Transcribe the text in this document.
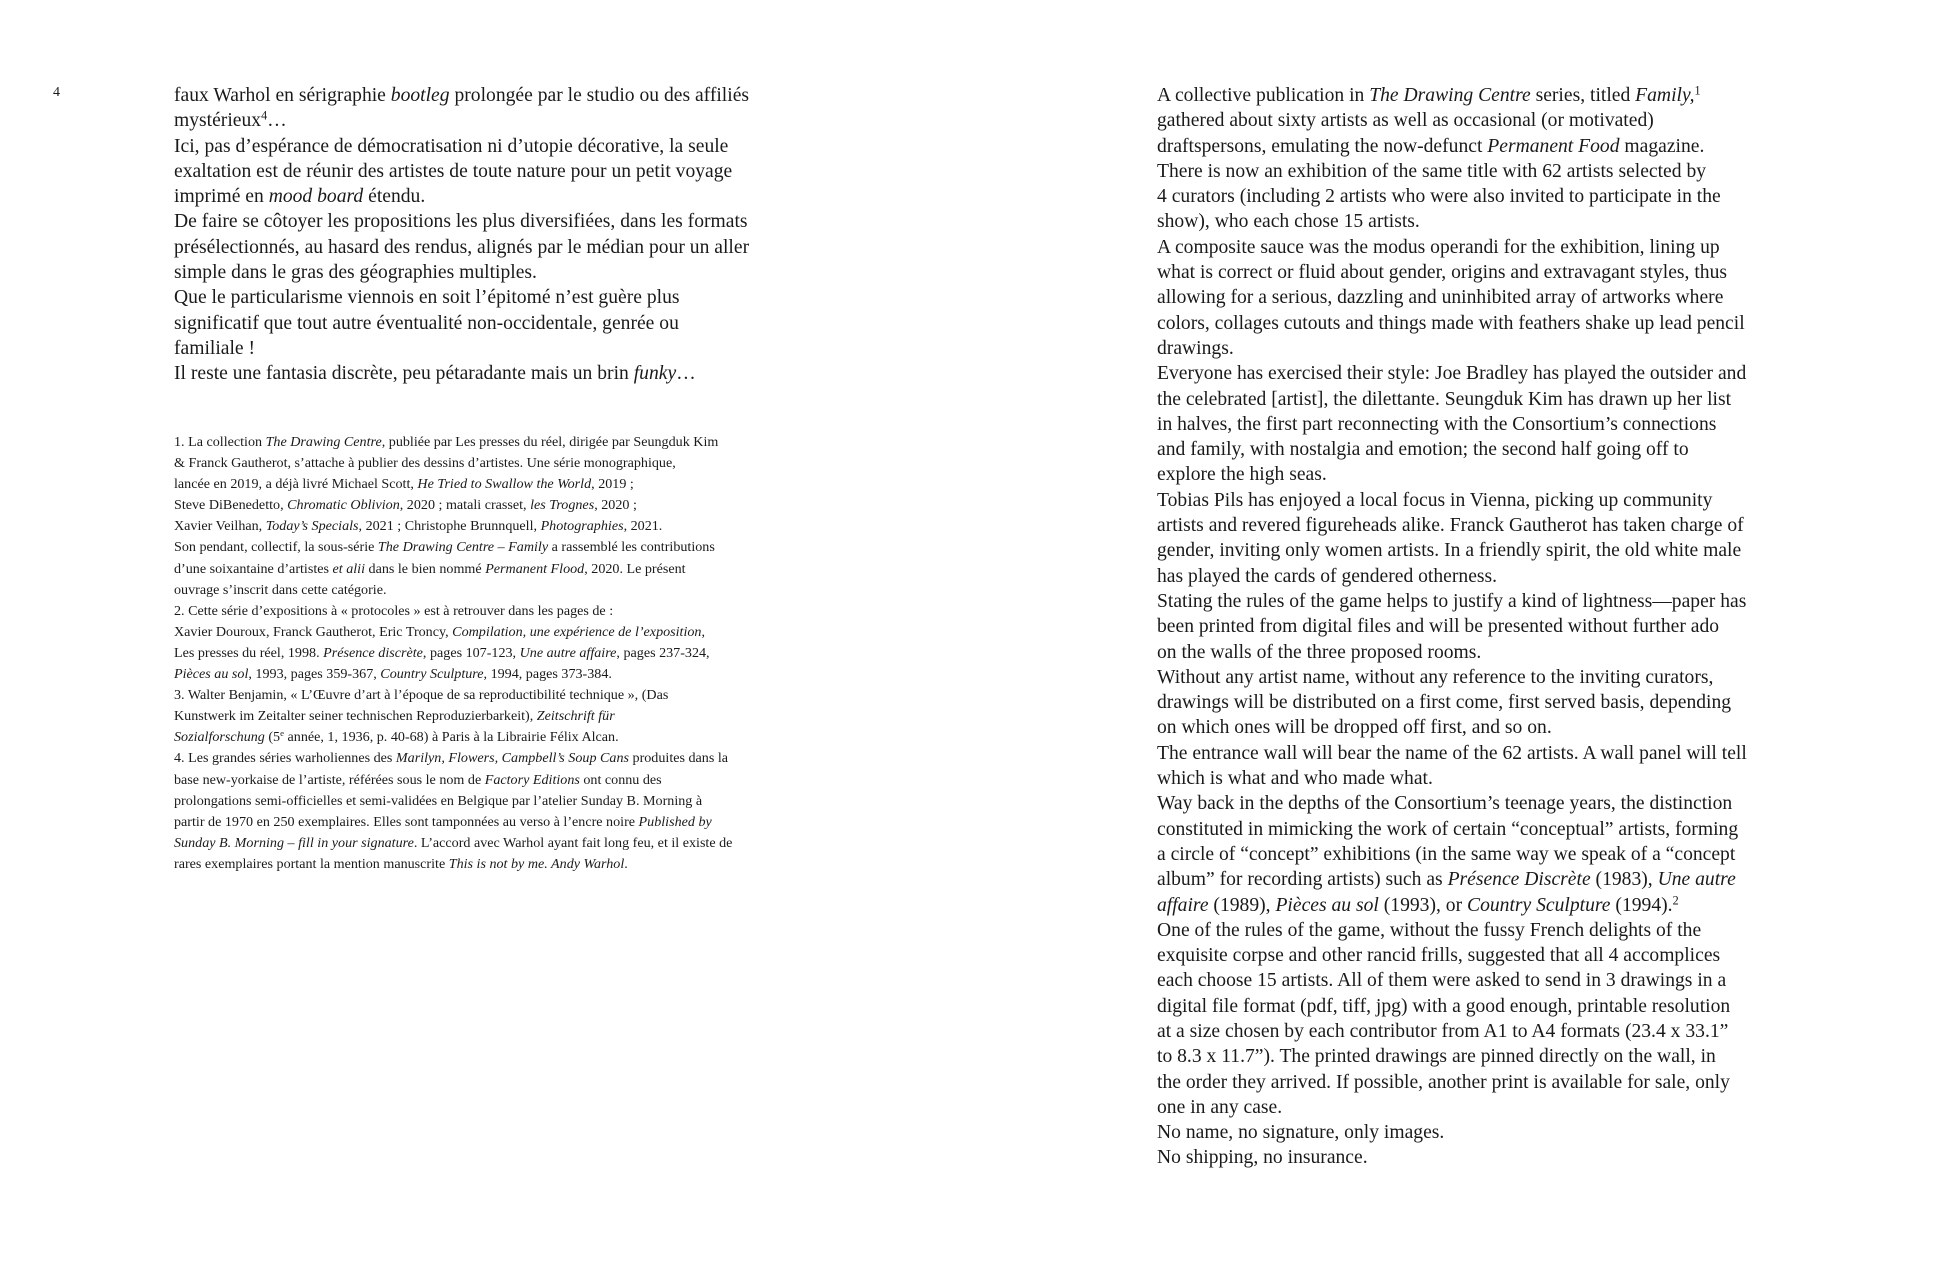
4	faux Warhol en sérigraphie bootleg prolongée par le studio ou des affiliés
mystérieux$^4$…

Ici, pas d’espérance de démocratisation ni d’utopie décorative, la seule
exaltation est de réunir des artistes de toute nature pour un petit voyage
imprimé en mood board étendu.

De faire se côtoyer les propositions les plus diversifiées, dans les formats
présélectionnés, au hasard des rendus, alignés par le médian pour un aller
simple dans le gras des géographies multiples.

Que le particularisme viennois en soit l’épitomé n’est guère plus
significatif que tout autre éventualité non-occidentale, genrée ou
familiale !

Il reste une fantasia discrète, peu pétaradante mais un brin funky…

1. La collection The Drawing Centre, publiée par Les presses du réel, dirigée par Seungduk Kim
& Franck Gautherot, s’attache à publier des dessins d’artistes. Une série monographique,
lancée en 2019, a déjà livré Michael Scott, He Tried to Swallow the World, 2019 ;
Steve DiBenedetto, Chromatic Oblivion, 2020 ; matali crasset, les Trognes, 2020 ;
Xavier Veilhan, Today’s Specials, 2021 ; Christophe Brunnquell, Photographies, 2021.
Son pendant, collectif, la sous-série The Drawing Centre – Family a rassemblé les contributions
d’une soixantaine d’artistes et alii dans le bien nommé Permanent Flood, 2020. Le présent
ouvrage s’inscrit dans cette catégorie.

2. Cette série d’expositions à « protocoles » est à retrouver dans les pages de :
Xavier Douroux, Franck Gautherot, Eric Troncy, Compilation, une expérience de l’exposition,
Les presses du réel, 1998. Présence discrète, pages 107-123, Une autre affaire, pages 237-324,
Pièces au sol, 1993, pages 359-367, Country Sculpture, 1994, pages 373-384.

3. Walter Benjamin, « L’Œuvre d’art à l’époque de sa reproductibilité technique », (Das
Kunstwerk im Zeitalter seiner technischen Reproduzierbarkeit), Zeitschrift für
Sozialforschung (5e année, 1, 1936, p. 40-68) à Paris à la Librairie Félix Alcan.

4. Les grandes séries warholiennes des Marilyn, Flowers, Campbell’s Soup Cans produites dans la
base new-yorkaise de l’artiste, référées sous le nom de Factory Editions ont connu des
prolongations semi-officielles et semi-validées en Belgique par l’atelier Sunday B. Morning à
partir de 1970 en 250 exemplaires. Elles sont tamponnées au verso à l’encre noire Published by
Sunday B. Morning – fill in your signature. L’accord avec Warhol ayant fait long feu, et il existe de
rares exemplaires portant la mention manuscrite This is not by me. Andy Warhol.

A collective publication in The Drawing Centre series, titled Family,$^1$
gathered about sixty artists as well as occasional (or motivated)
draftspersons, emulating the now-defunct Permanent Food magazine.

There is now an exhibition of the same title with 62 artists selected by
4 curators (including 2 artists who were also invited to participate in the
show), who each chose 15 artists.

A composite sauce was the modus operandi for the exhibition, lining up
what is correct or fluid about gender, origins and extravagant styles, thus
allowing for a serious, dazzling and uninhibited array of artworks where
colors, collages cutouts and things made with feathers shake up lead pencil
drawings.

Everyone has exercised their style: Joe Bradley has played the outsider and
the celebrated [artist], the dilettante. Seungduk Kim has drawn up her list
in halves, the first part reconnecting with the Consortium’s connections
and family, with nostalgia and emotion; the second half going off to
explore the high seas.

Tobias Pils has enjoyed a local focus in Vienna, picking up community
artists and revered figureheads alike. Franck Gautherot has taken charge of
gender, inviting only women artists. In a friendly spirit, the old white male
has played the cards of gendered otherness.

Stating the rules of the game helps to justify a kind of lightness—paper has
been printed from digital files and will be presented without further ado
on the walls of the three proposed rooms.

Without any artist name, without any reference to the inviting curators,
drawings will be distributed on a first come, first served basis, depending
on which ones will be dropped off first, and so on.

The entrance wall will bear the name of the 62 artists. A wall panel will tell
which is what and who made what.

Way back in the depths of the Consortium’s teenage years, the distinction
constituted in mimicking the work of certain “conceptual” artists, forming
a circle of “concept” exhibitions (in the same way we speak of a “concept
album” for recording artists) such as Présence Discrète (1983), Une autre
affaire (1989), Pièces au sol (1993), or Country Sculpture (1994).$^2$

One of the rules of the game, without the fussy French delights of the
exquisite corpse and other rancid frills, suggested that all 4 accomplices
each choose 15 artists. All of them were asked to send in 3 drawings in a
digital file format (pdf, tiff, jpg) with a good enough, printable resolution
at a size chosen by each contributor from A1 to A4 formats (23.4 x 33.1”
to 8.3 x 11.7”). The printed drawings are pinned directly on the wall, in
the order they arrived. If possible, another print is available for sale, only
one in any case.

No name, no signature, only images.

No shipping, no insurance.
